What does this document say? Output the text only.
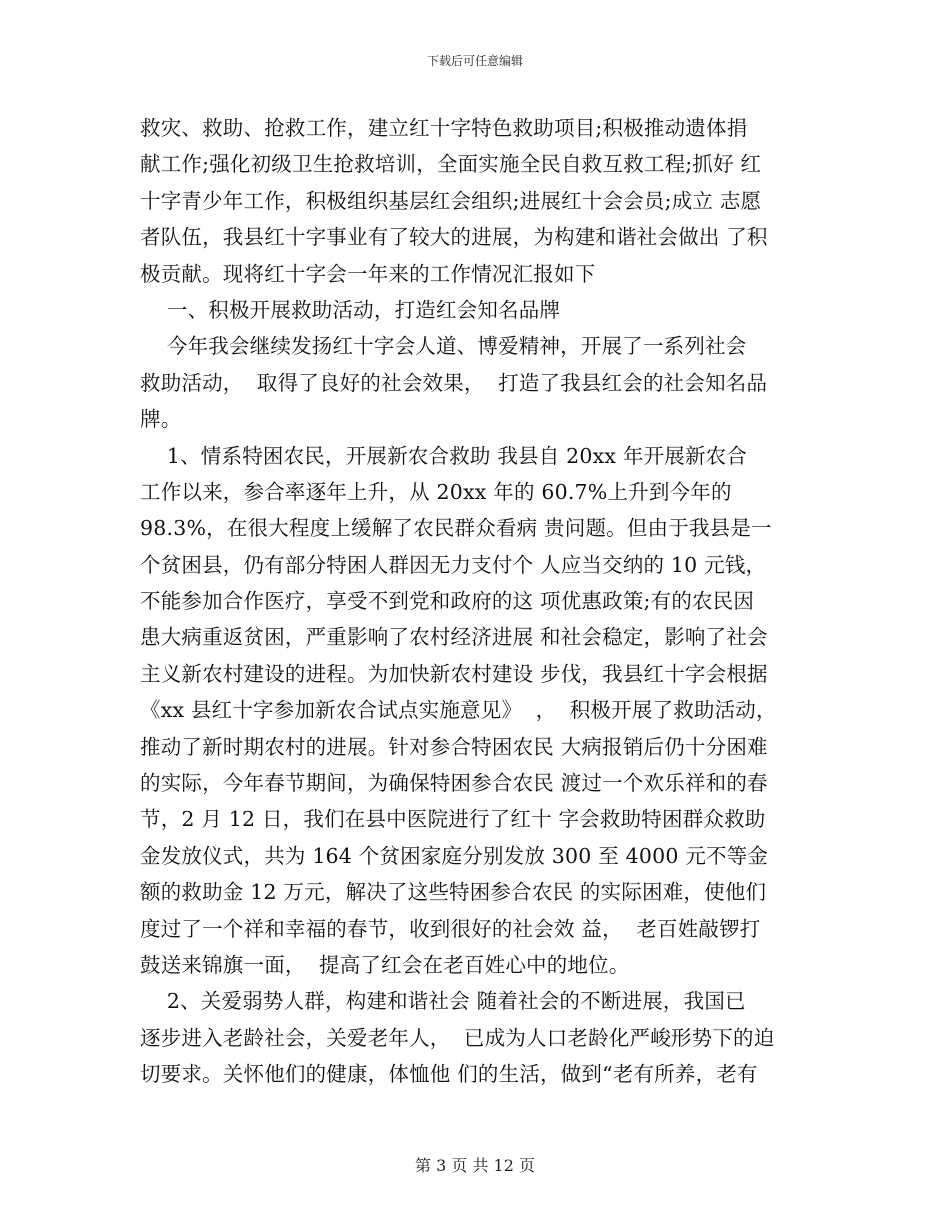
下载后可任意编辑
救灾、救助、抢救工作，建立红十字特色救助项目;积极推动遗体捐
献工作;强化初级卫生抢救培训，全面实施全民自救互救工程;抓好 红
十字青少年工作，积极组织基层红会组织;进展红十会会员;成立 志愿
者队伍，我县红十字事业有了较大的进展，为构建和谐社会做出 了积
极贡献。现将红十字会一年来的工作情况汇报如下
一、积极开展救助活动，打造红会知名品牌
今年我会继续发扬红十字会人道、博爱精神，开展了一系列社会
救助活动，  取得了良好的社会效果，  打造了我县红会的社会知名品
牌。
1、情系特困农民，开展新农合救助 我县自 20xx 年开展新农合
工作以来，参合率逐年上升，从 20xx 年的 60.7%上升到今年的
98.3%，在很大程度上缓解了农民群众看病 贵问题。但由于我县是一
个贫困县，仍有部分特困人群因无力支付个 人应当交纳的 10 元钱，
不能参加合作医疗，享受不到党和政府的这 项优惠政策;有的农民因
患大病重返贫困，严重影响了农村经济进展 和社会稳定，影响了社会
主义新农村建设的进程。为加快新农村建设 步伐，我县红十字会根据
《xx 县红十字参加新农合试点实施意见》  ，  积极开展了救助活动，
推动了新时期农村的进展。针对参合特困农民 大病报销后仍十分困难
的实际，今年春节期间，为确保特困参合农民 渡过一个欢乐祥和的春
节，2 月 12 日，我们在县中医院进行了红十 字会救助特困群众救助
金发放仪式，共为 164 个贫困家庭分别发放 300 至 4000 元不等金
额的救助金 12 万元，解决了这些特困参合农民 的实际困难，使他们
度过了一个祥和幸福的春节，收到很好的社会效 益，  老百姓敲锣打
鼓送来锦旗一面，  提高了红会在老百姓心中的地位。
2、关爱弱势人群，构建和谐社会 随着社会的不断进展，我国已
逐步进入老龄社会，关爱老年人，  已成为人口老龄化严峻形势下的迫
切要求。关怀他们的健康，体恤他 们的生活，做到“老有所养，老有
第 3 页 共 12 页
